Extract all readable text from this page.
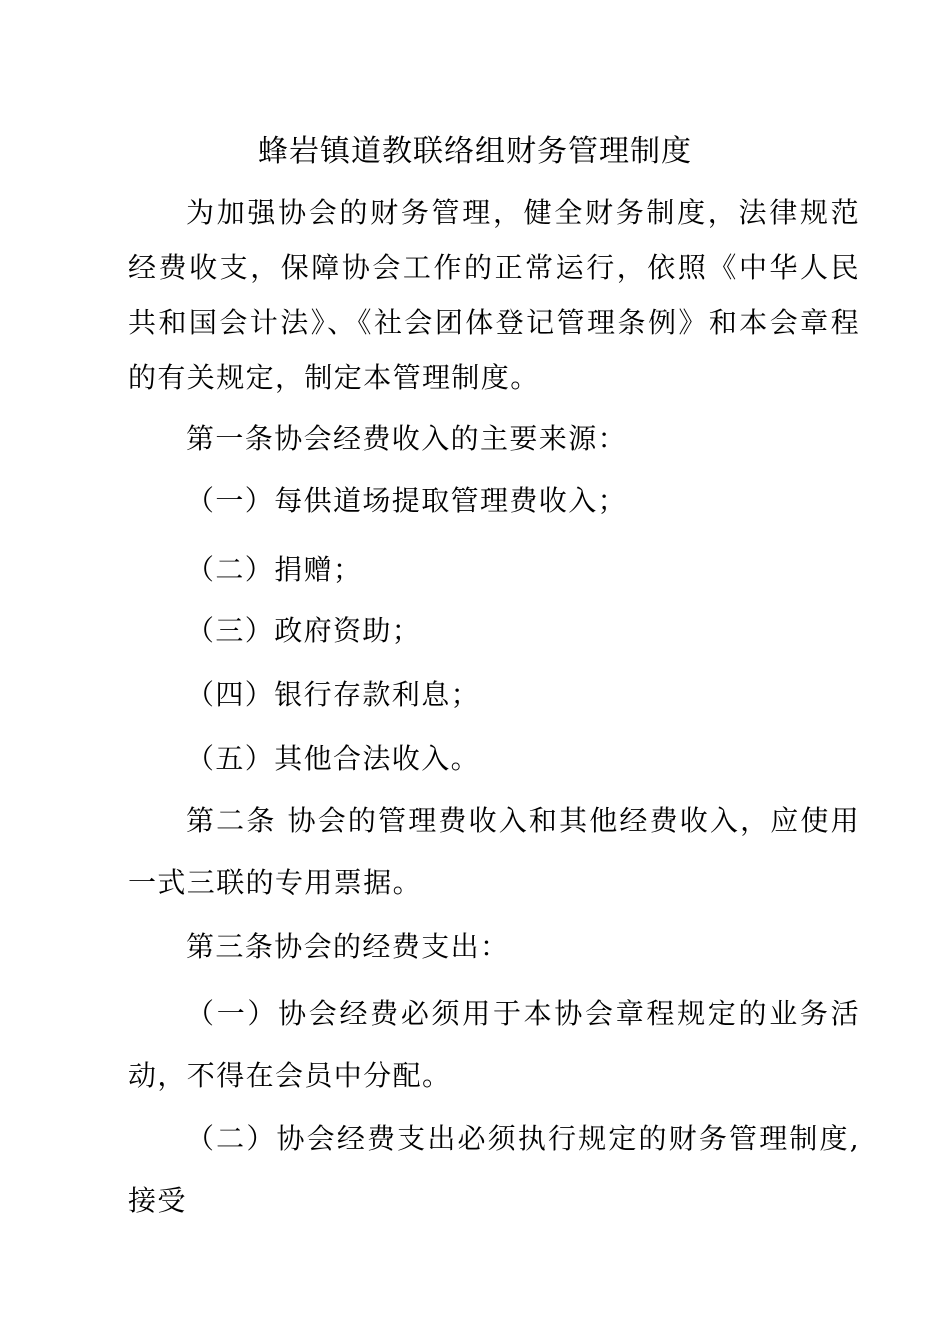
蜂岩镇道教联络组财务管理制度
为加强协会的财务管理，健全财务制度，法律规范经费收支，保障协会工作的正常运行，依照《中华人民共和国会计法》、《社会团体登记管理条例》和本会章程的有关规定，制定本管理制度。
第一条协会经费收入的主要来源：
（一）每供道场提取管理费收入；
（二）捐赠；
（三）政府资助；
（四）银行存款利息；
（五）其他合法收入。
第二条 协会的管理费收入和其他经费收入，应使用一式三联的专用票据。
第三条协会的经费支出：
（一）协会经费必须用于本协会章程规定的业务活动，不得在会员中分配。
（二）协会经费支出必须执行规定的财务管理制度,接受
